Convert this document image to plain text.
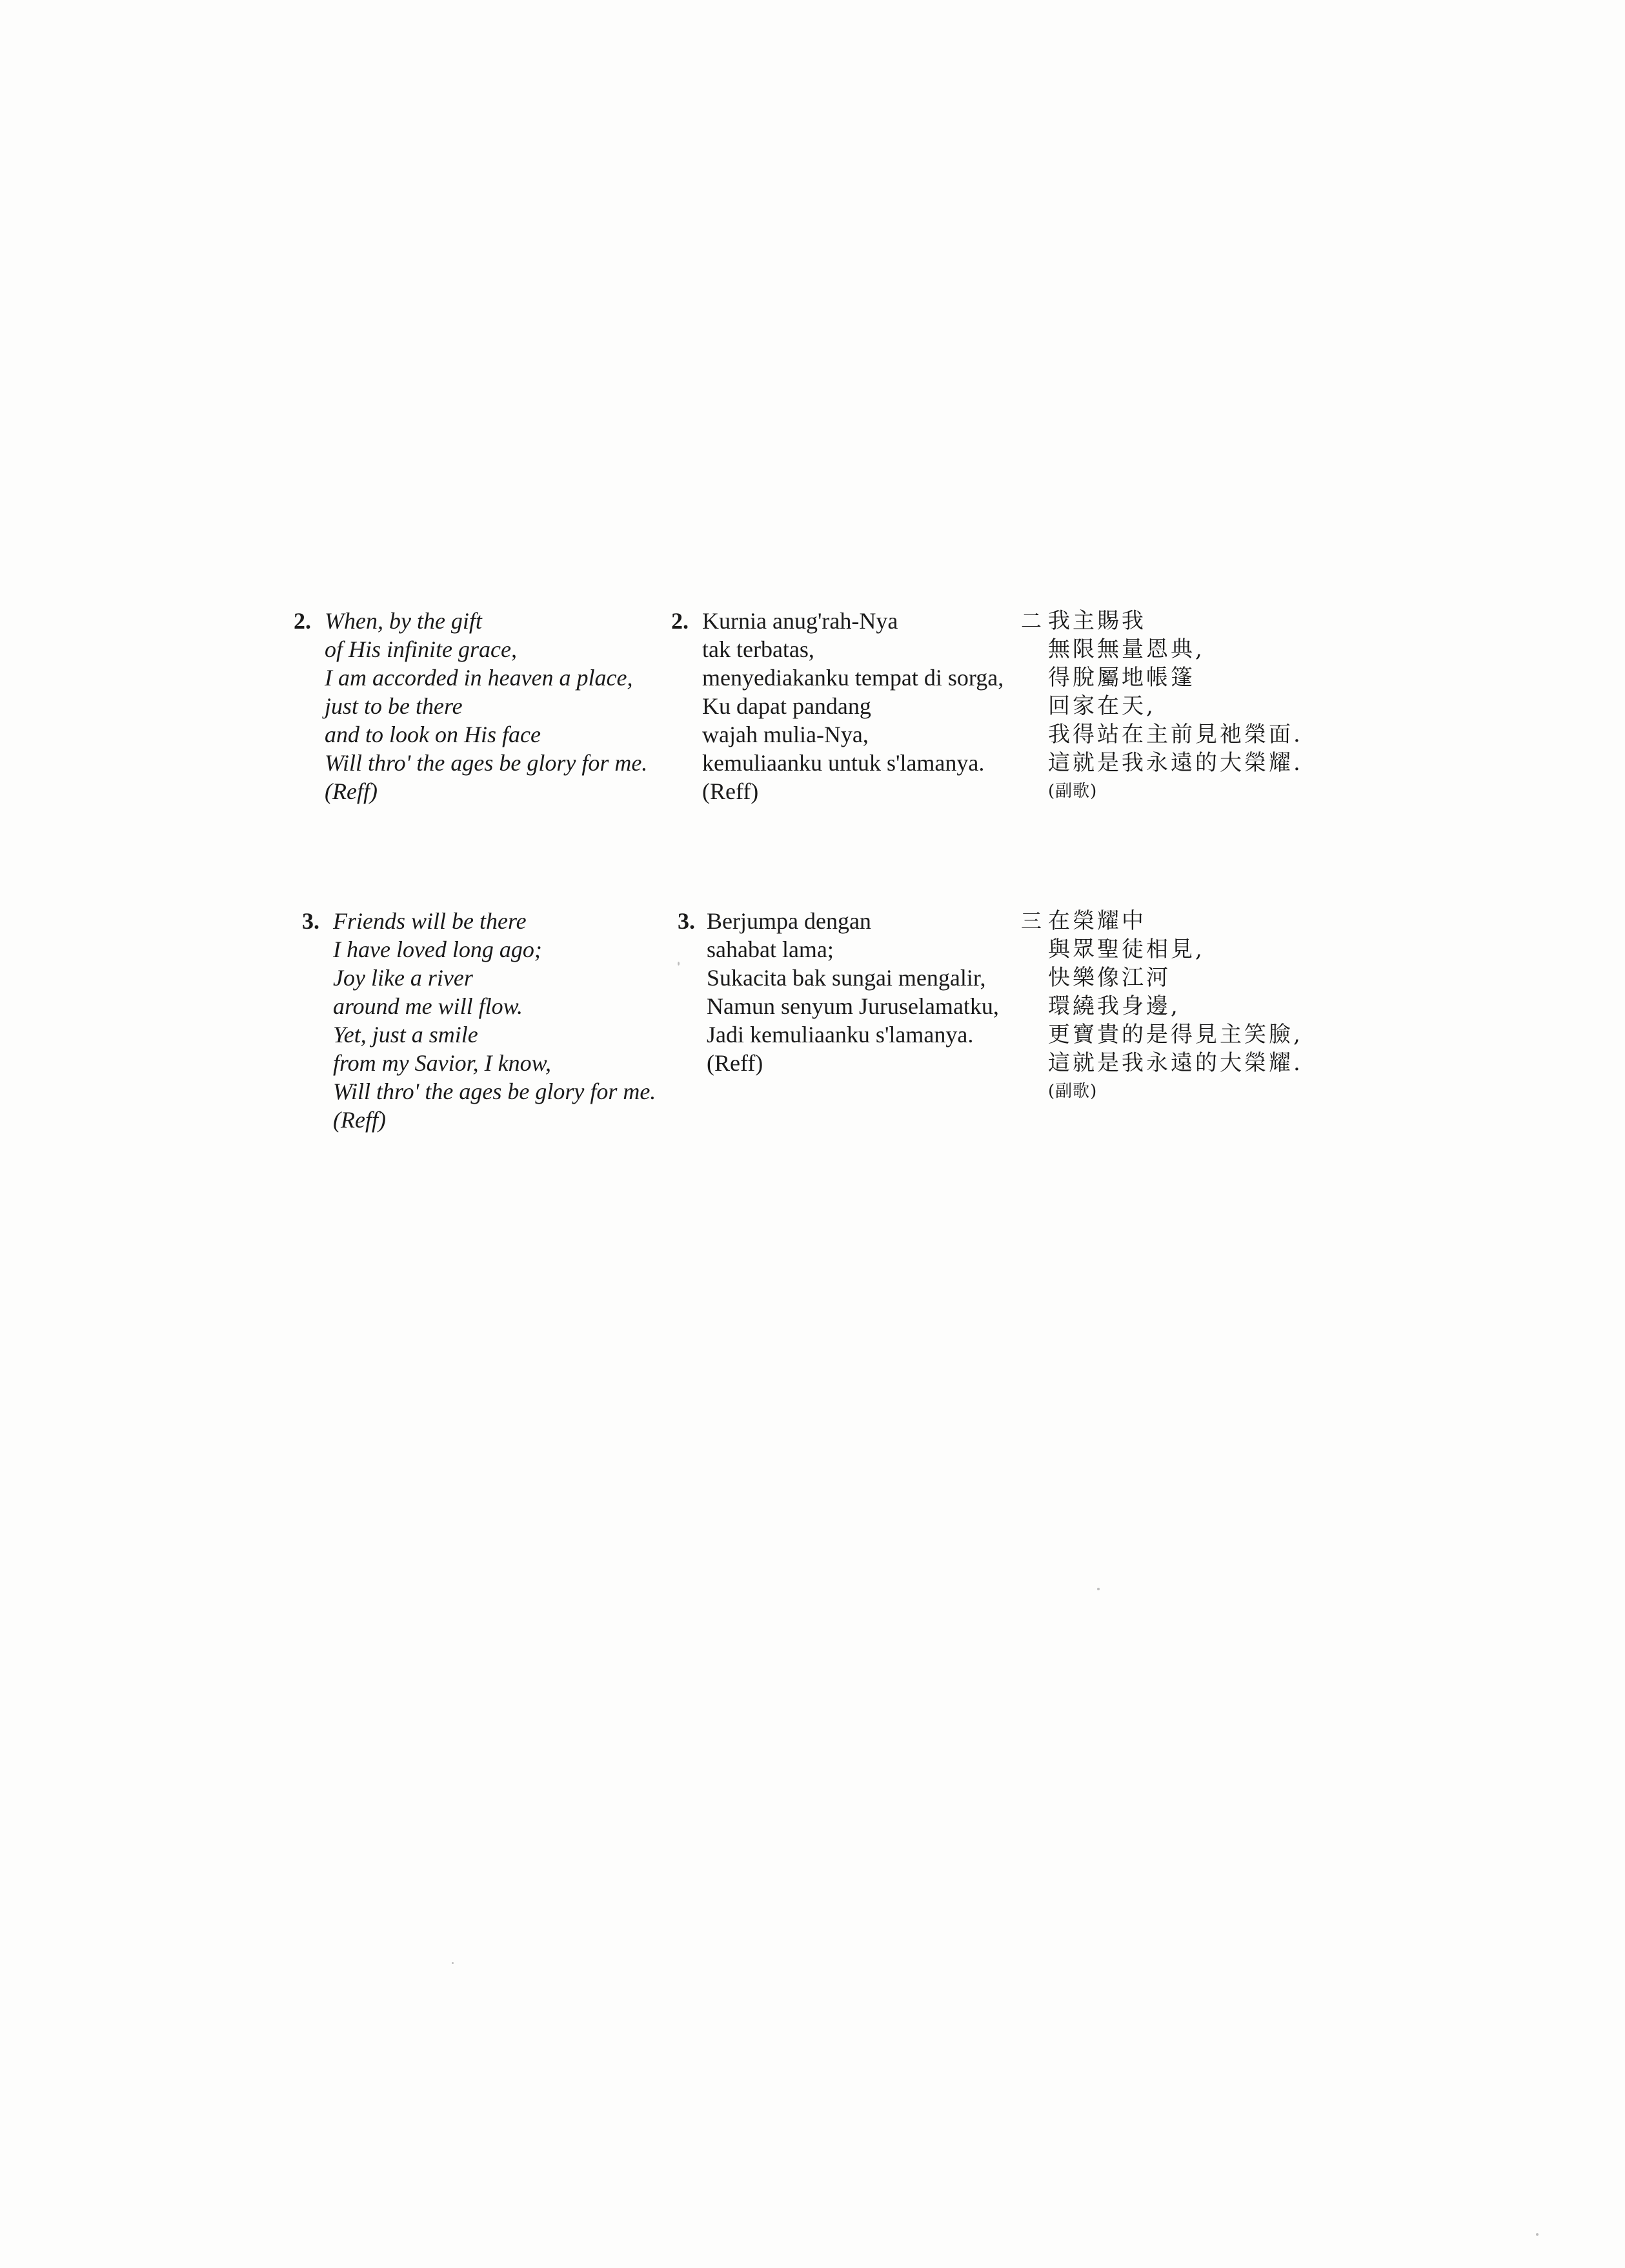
2. When, by the gift
of His infinite grace,
I am accorded in heaven a place,
just to be there
and to look on His face
Will thro' the ages be glory for me.
(Reff)
2. Kurnia anug'rah-Nya
tak terbatas,
menyediakanku tempat di sorga,
Ku dapat pandang
wajah mulia-Nya,
kemuliaanku untuk s'lamanya.
(Reff)
二 我主賜我
無限無量恩典,
得脫屬地帳篷
回家在天,
我得站在主前見祂榮面.
這就是我永遠的大榮耀.
(副歌)
3. Friends will be there
I have loved long ago;
Joy like a river
around me will flow.
Yet, just a smile
from my Savior, I know,
Will thro' the ages be glory for me.
(Reff)
3. Berjumpa dengan
sahabat lama;
Sukacita bak sungai mengalir,
Namun senyum Juruselamatku,
Jadi kemuliaanku s'lamanya.
(Reff)
三 在榮耀中
與眾聖徒相見,
快樂像江河
環繞我身邊,
更寶貴的是得見主笑臉,
這就是我永遠的大榮耀.
(副歌)
